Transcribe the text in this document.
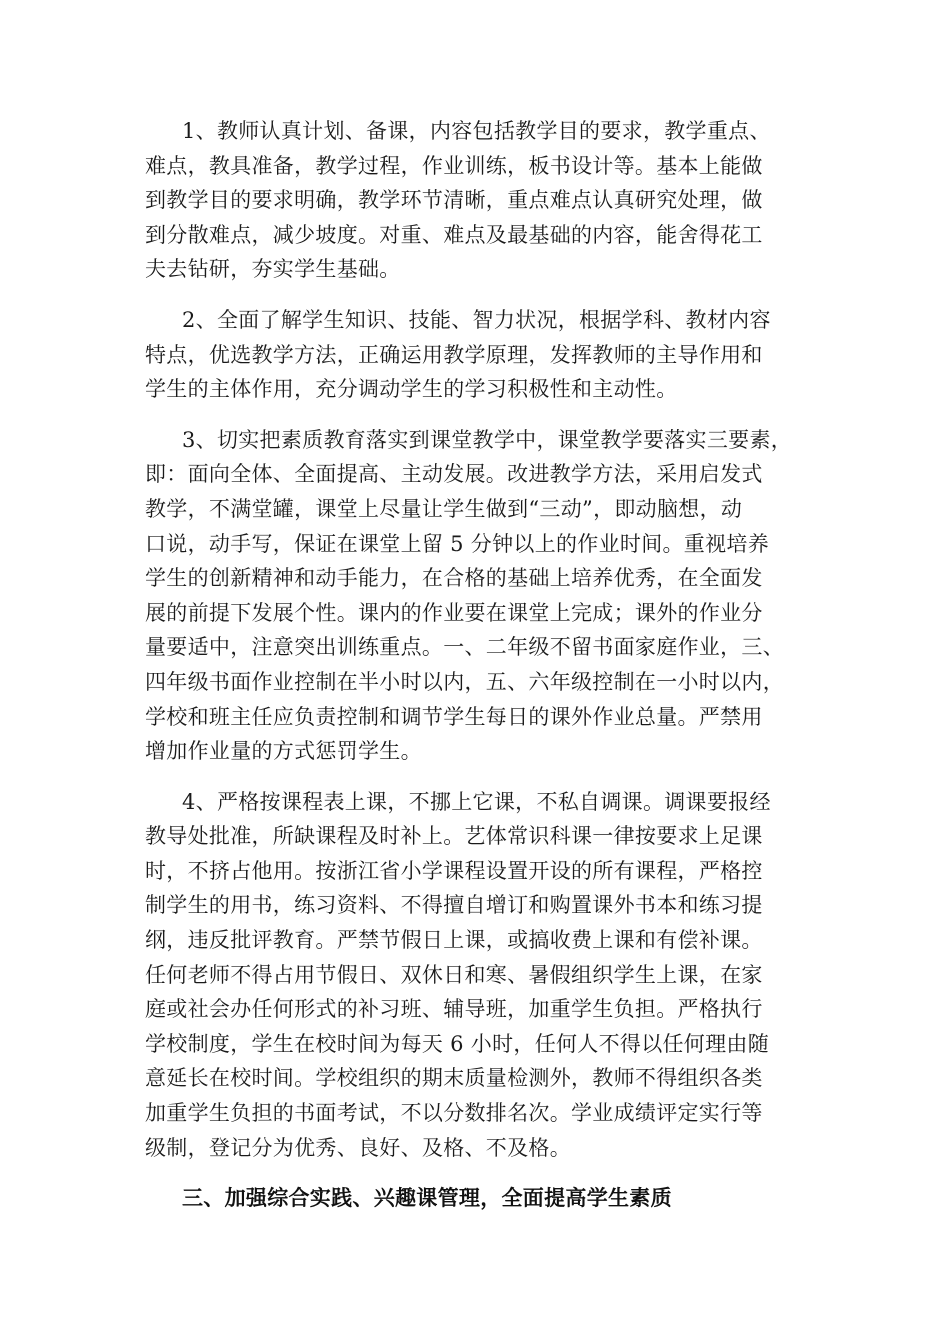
1、教师认真计划、备课，内容包括教学目的要求，教学重点、
难点，教具准备，教学过程，作业训练，板书设计等。基本上能做
到教学目的要求明确，教学环节清晰，重点难点认真研究处理，做
到分散难点，减少坡度。对重、难点及最基础的内容，能舍得花工
夫去钻研，夯实学生基础。

2、全面了解学生知识、技能、智力状况，根据学科、教材内容
特点，优选教学方法，正确运用教学原理，发挥教师的主导作用和
学生的主体作用，充分调动学生的学习积极性和主动性。

3、切实把素质教育落实到课堂教学中，课堂教学要落实三要素，
即：面向全体、全面提高、主动发展。改进教学方法，采用启发式
教学，不满堂罐，课堂上尽量让学生做到“三动”，即动脑想，动
口说，动手写，保证在课堂上留 5 分钟以上的作业时间。重视培养
学生的创新精神和动手能力，在合格的基础上培养优秀，在全面发
展的前提下发展个性。课内的作业要在课堂上完成；课外的作业分
量要适中，注意突出训练重点。一、二年级不留书面家庭作业，三、
四年级书面作业控制在半小时以内，五、六年级控制在一小时以内，
学校和班主任应负责控制和调节学生每日的课外作业总量。严禁用
增加作业量的方式惩罚学生。

4、严格按课程表上课，不挪上它课，不私自调课。调课要报经
教导处批准，所缺课程及时补上。艺体常识科课一律按要求上足课
时，不挤占他用。按浙江省小学课程设置开设的所有课程，严格控
制学生的用书，练习资料、不得擅自增订和购置课外书本和练习提
纲，违反批评教育。严禁节假日上课，或搞收费上课和有偿补课。
任何老师不得占用节假日、双休日和寒、暑假组织学生上课，在家
庭或社会办任何形式的补习班、辅导班，加重学生负担。严格执行
学校制度，学生在校时间为每天 6 小时，任何人不得以任何理由随
意延长在校时间。学校组织的期末质量检测外，教师不得组织各类
加重学生负担的书面考试，不以分数排名次。学业成绩评定实行等
级制，登记分为优秀、良好、及格、不及格。

三、加强综合实践、兴趣课管理，全面提高学生素质
